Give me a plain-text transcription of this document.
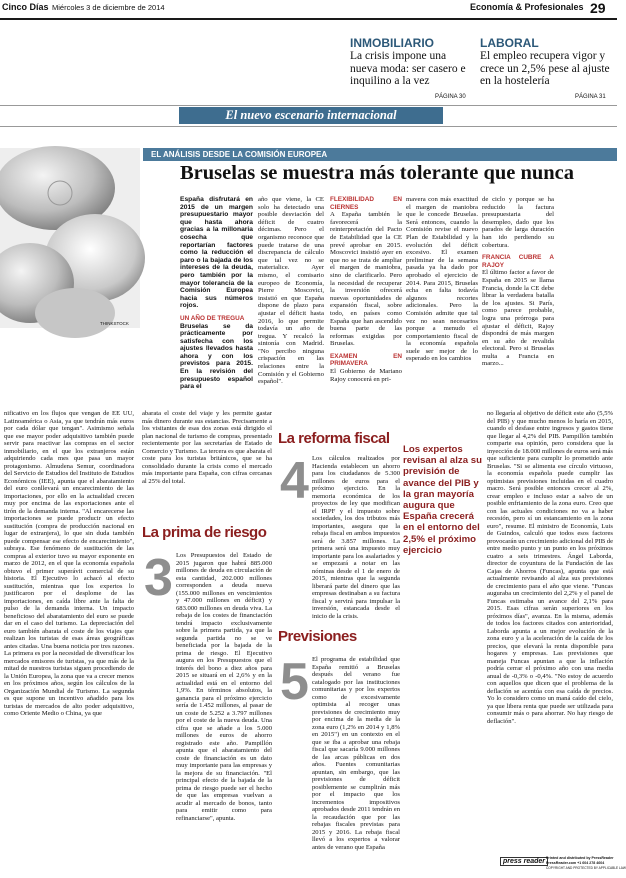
Cinco Días Miércoles 3 de diciembre de 2014	Economía & Profesionales 29
INMOBILIARIO
La crisis impone una nueva moda: ser casero e inquilino a la vez
PÁGINA 30
LABORAL
El empleo recupera vigor y crece un 2,5% pese al ajuste en la hostelería
PÁGINA 31
El nuevo escenario internacional
THINKSTOCK
EL ANÁLISIS DESDE LA COMISIÓN EUROPEA
Bruselas se muestra más tolerante que nunca

España disfrutará en 2015 de un margen presupuestario mayor que hasta ahora gracias a la millonaria cosecha que reportarían factores como la reducción el paro o la bajada de los intereses de la deuda, pero también por la mayor tolerancia de la Comisión Europea hacia sus números rojos.

UN AÑO DE TREGUA

Bruselas se da prácticamente por satisfecha con los ajustes llevados hasta ahora y con los previstos para 2015. En la revisión del presupuesto español para el

año que viene, la CE solo ha detectado una posible desviación del déficit de cuatro décimas. Pero el organismo reconoce que puede tratarse de una discrepancia de cálculo que tal vez no se materialice. Ayer mismo, el comisario europeo de Economía, Pierre Moscovici, insistió en que España dispone de plazo para ajustar el déficit hasta 2016, lo que permite todavía un año de tregua. Y recalcó la sintonía con Madrid. "No percibo ninguna crispación en las relaciones entre la Comisión y el Gobierno español".

FLEXIBILIDAD EN CIERNES

A España también le favorecerá la reinterpretación del Pacto de Estabilidad que la CE prevé aprobar en 2015. Moscovici insistió ayer en que no se trata de ampliar el margen de maniobra, sino de clarificarlo. Pero la necesidad de recuperar la inversión ofrecerá nuevas oportunidades de expansión fiscal, sobre todo, en países como España que han ascendido buena parte de las reformas exigidas por Bruselas.

EXAMEN EN PRIMAVERA

El Gobierno de Mariano Rajoy conocerá en pri-

mavera con más exactitud el margen de maniobra que le concede Bruselas. Será entonces, cuando la Comisión revise el nuevo Plan de Estabilidad y la evolución del déficit excesivo. El examen preliminar de la semana pasada ya ha dado por aprobado el ejercicio de 2014. Para 2015, Bruselas echa en falta todavía algunos recortes adicionales. Pero la Comisión admite que tal vez no sean necesarios porque a menudo el comportamiento fiscal de la economía española suele ser mejor de lo esperado en los cambios

de ciclo y porque se ha reducido la factura presupuestaria del desempleo, dado que los parados de larga duración han ido perdiendo su cobertura.

FRANCIA CUBRE A RAJOY

El último factor a favor de España en 2015 se llama Francia, donde la CE debe librar la verdadera batalla de los ajustes. Si París, como parece probable, logra una prórroga para ajustar el déficit, Rajoy dispondrá de más margen en su año de revalida electoral. Pero si Bruselas multa a Francia en marzo...

nificativo en los flujos que vengan de EE UU, Latinoamérica o Asia, ya que tendrán más euros por cada dólar que tengan". Asimismo señala que ese mayor poder adquisitivo también puede servir para reactivar las compras en el sector inmobiliario, en el que los extranjeros están adquiriendo cada mes que pasa un mayor protagonismo. Almudena Semur, coordinadora del Servicio de Estudios del Instituto de Estudios Económicos (IEE), apunta que el abaratamiento del euro conllevará un encarecimiento de las importaciones, por ello en la actualidad crecen muy por encima de las exportaciones ante el tirón de la demanda interna. "Al encarecerse las importaciones se puede producir un efecto sustitución (compra de producción nacional en lugar de extranjera), lo que sin duda también puede compensar ese efecto de encarecimiento", subraya. Ese fenómeno de sustitución de las compras al exterior tuvo su mayor exponente en marzo de 2012, en el que la economía española obtuvo el primer superávit comercial de su historia. El Ejecutivo lo achacó al efecto sustitución, mientras que los expertos lo justificaron por el desplome de las importaciones, en caída libre ante la falta de pulso de la demanda interna. Un impacto beneficioso del abaratamiento del euro se puede dar en el caso del turismo. La depreciación del euro también abarata el coste de los viajes que realizan los turistas de esas áreas geográficas antes citadas. Una buena noticia por tres razones. La primera es por la necesidad de diversificar los mercados emisores de turistas, ya que más de la mitad de nuestros turistas siguen procediendo de la Unión Europea, la zona que va a crecer menos en los próximos años, según los cálculos de la Organización Mundial de Turismo. La segunda es que supone un incentivo añadido para los turistas de mercados de alto poder adquisitivo, como Oriente Medio o China, ya que

abarata el coste del viaje y les permite gastar más dinero durante sus estancias. Precisamente a los visitantes de esas dos zonas está dirigido el plan nacional de turismo de compras, presentado recientemente por las secretarías de Estado de Comercio y Turismo. La tercera es que abarata el coste para los turistas británicos, que se ha consolidado durante la crisis como el mercado más importante para España, con cifras cercanas al 25% del total.

La prima de riesgo
3 Los Presupuestos del Estado de 2015 jugaron que habrá 885.000 millones de deuda en circulación de esta cantidad, 202.000 millones corresponden a deuda nueva (155.000 millones en vencimientos y 47.000 millones en déficit) y 683.000 millones en deuda viva. La rebaja de los costes de financiación tendrá impacto exclusivamente sobre la primera partida, ya que la segunda partida no se ve beneficiada por la bajada de la prima de riesgo. El Ejecutivo augura en los Presupuestos que el interés del bono a diez años para 2015 se situará en el 2,6% y en la actualidad está en el entorno del 1,9%. En términos absolutos, la ganancia para el próximo ejercicio sería de 1.452 millones, al pasar de un coste de 5.252 a 3.797 millones por el coste de la nueva deuda. Una cifra que se añade a los 5.000 millones de euros de ahorro registrado este año. Pampillón apunta que el abaratamiento del coste de financiación es un dato muy importante para las empresas y la mejora de su financiación. "El principal efecto de la bajada de la prima de riesgo puede ser el hecho de que las empresas vuelvan a acudir al mercado de bonos, tanto para emitir como para refinanciarse", apunta.

La reforma fiscal
4 Los cálculos realizados por Hacienda establecen un ahorro para los ciudadanos de 5.300 millones de euros para el próximo ejercicio. En la memoria económica de los proyectos de ley que modifican el IRPF y el impuesto sobre sociedades, los dos tributos más importantes, asegura que la rebaja fiscal en ambos impuestos será de 3.857 millones. La primera será una impuesto muy importante para los asalariados y se empezará a notar en las nóminas desde el 1 de enero de 2015, mientras que la segunda liberará parte del dinero que las empresas destinaban a su factura fiscal y servirá para impulsar la inversión, estancada desde el inicio de la crisis.

Previsiones
5 El programa de estabilidad que España remitió a Bruselas después del verano fue catalogado por las instituciones comunitarias y por los expertos como de excesivamente optimista al recoger unas previsiones de crecimiento muy por encima de la media de la zona euro (1,2% en 2014 y 1,8% en 2015") en un contexto en el que se iba a aprobar una rebaja fiscal que sacaría 9.000 millones de las arcas públicas en dos años. Fuentes comunitarias apuntan, sin embargo, que las previsiones de déficit posiblemente se cumplirán más por el impacto que los incrementos impositivos aprobados desde 2011 tendrán en la recaudación que por las rebajas fiscales previstas para 2015 y 2016. La rebaja fiscal llevó a los expertos a valorar antes de verano que España

Los expertos revisan al alza su previsión de avance del PIB y la gran mayoría augura que España crecerá en el entorno del 2,5% el próximo ejercicio

no llegaría al objetivo de déficit este año (5,5% del PIB) y que mucho menos lo haría en 2015, cuando el desfase entre ingresos y gastos tiene que llegar al 4,2% del PIB. Pampillón también comparte esa opinión, pero considera que la inyección de 18.000 millones de euros será más que suficiente para cumplir lo prometido ante Bruselas. "Si se alimenta ese círculo virtuoso, la economía española puede cumplir las optimistas previsiones incluidas en el cuadro macro. Será posible entonces crecer al 2%, crear empleo e incluso estar a salvo de un posible enfriamiento de la zona euro. Creo que con las actuales condiciones no va a haber recesión, pero sí un estancamiento en la zona euro", resume. El ministro de Economía, Luis de Guindos, calculó que todos esos factores provocarán un crecimiento adicional del PIB de entre medio punto y un punto en los próximos cuatro a seis trimestres. Ángel Laborda, director de coyuntura de la Fundación de las Cajas de Ahorros (Funcas), apunta que está actualmente revisando al alza sus previsiones de crecimiento para el año que viene. "Funcas auguraba un crecimiento del 2,2% y el panel de Funcas estimaba un avance del 2,1% para 2015. Esas cifras serán superiores en los próximos días", avanza. En la misma, además de todos los factores citados con anterioridad, Laborda apunta a un mejor evolución de la zona euro y a la aceleración de la caída de los precios, que elevará la renta disponible para hogares y empresas. Las previsiones que maneja Funcas apuntan a que la inflación podría cerrar el próximo año con una media anual de -0,3% o -0,4%. "No estoy de acuerdo con aquellos que dicen que el problema de la deflación se acentúa con esa caída de precios. Yo lo considero como un maná caído del cielo, ya que libera renta que puede ser utilizada para consumir más o para ahorrar. No hay riesgo de deflación".

press reader Printed and distributed by PressReader
PressReader.com +1 604 278 4604
COPYRIGHT AND PROTECTED BY APPLICABLE LAW
